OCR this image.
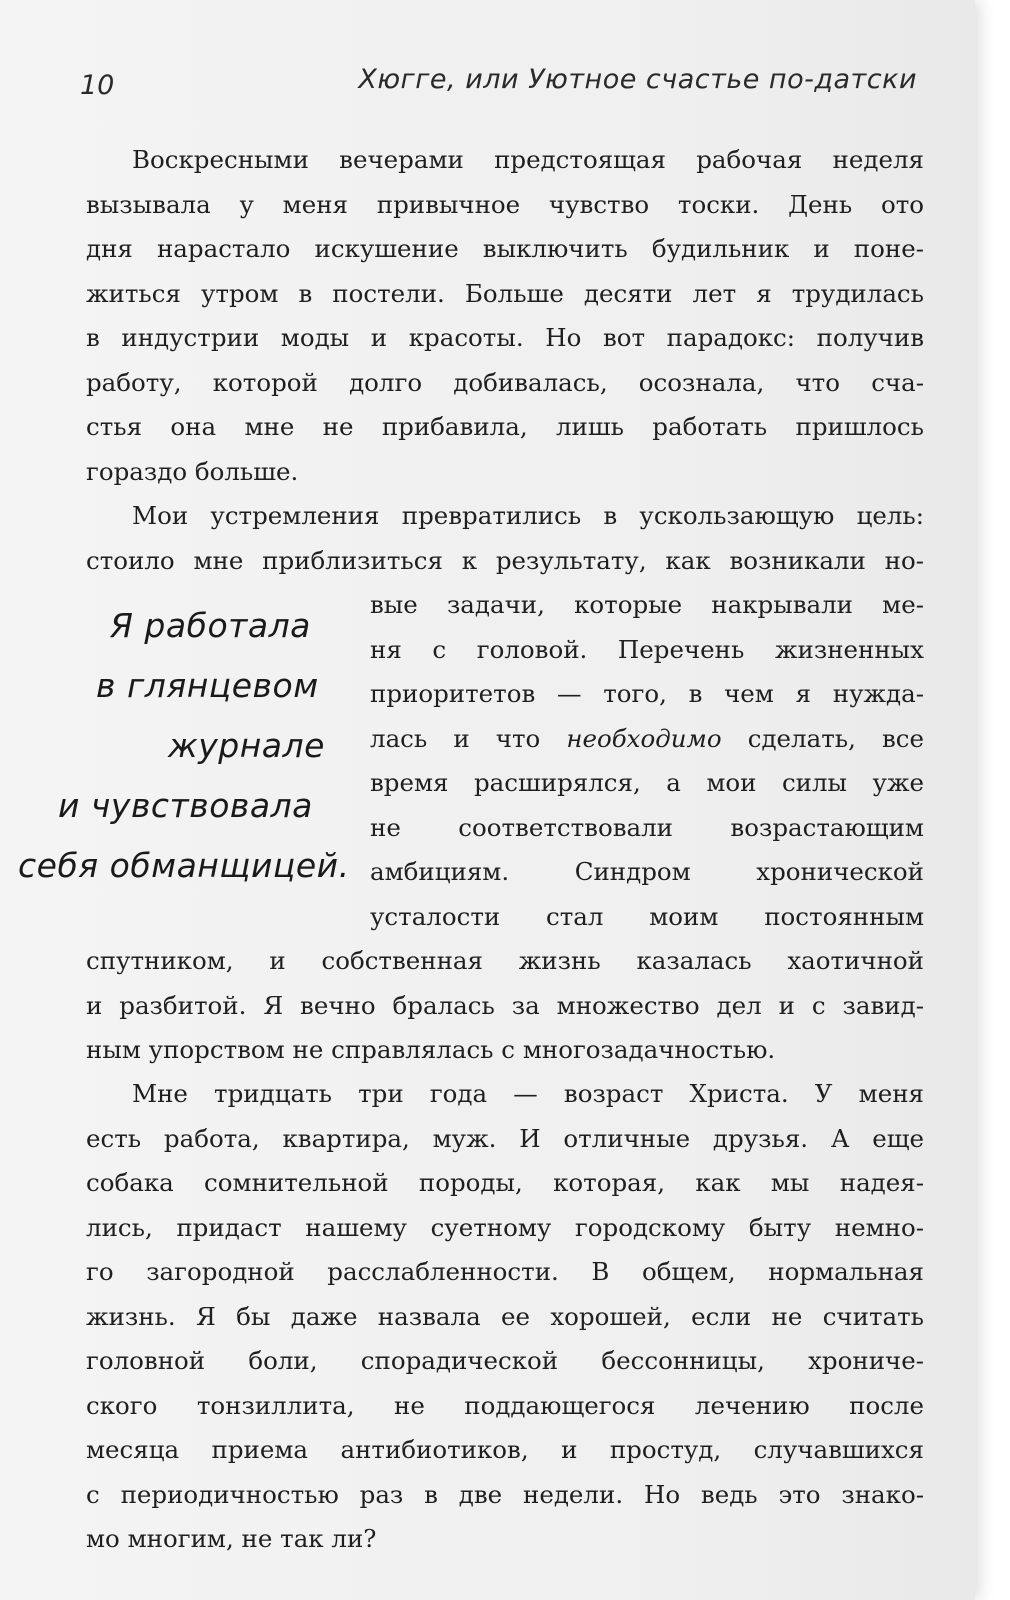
10	Хюгге, или Уютное счастье по-датски
Воскресными вечерами предстоящая рабочая неделя
вызывала у меня привычное чувство тоски. День ото
дня нарастало искушение выключить будильник и поне-
житься утром в постели. Больше десяти лет я трудилась
в индустрии моды и красоты. Но вот парадокс: получив
работу, которой долго добивалась, осознала, что сча-
стья она мне не прибавила, лишь работать пришлось
гораздо больше.
Мои устремления превратились в ускользающую цель:
стоило мне приблизиться к результату, как возникали но-
Я работала
в глянцевом
журнале
и чувствовала
себя обманщицей.
вые задачи, которые накрывали ме-
ня с головой. Перечень жизненных
приоритетов — того, в чем я нужда-
лась и что необходимо сделать, все
время расширялся, а мои силы уже
не соответствовали возрастающим
амбициям. Синдром хронической
усталости стал моим постоянным
спутником, и собственная жизнь казалась хаотичной
и разбитой. Я вечно бралась за множество дел и с завид-
ным упорством не справлялась с многозадачностью.
Мне тридцать три года — возраст Христа. У меня
есть работа, квартира, муж. И отличные друзья. А еще
собака сомнительной породы, которая, как мы надея-
лись, придаст нашему суетному городскому быту немно-
го загородной расслабленности. В общем, нормальная
жизнь. Я бы даже назвала ее хорошей, если не считать
головной боли, спорадической бессонницы, хрониче-
ского тонзиллита, не поддающегося лечению после
месяца приема антибиотиков, и простуд, случавшихся
с периодичностью раз в две недели. Но ведь это знако-
мо многим, не так ли?
